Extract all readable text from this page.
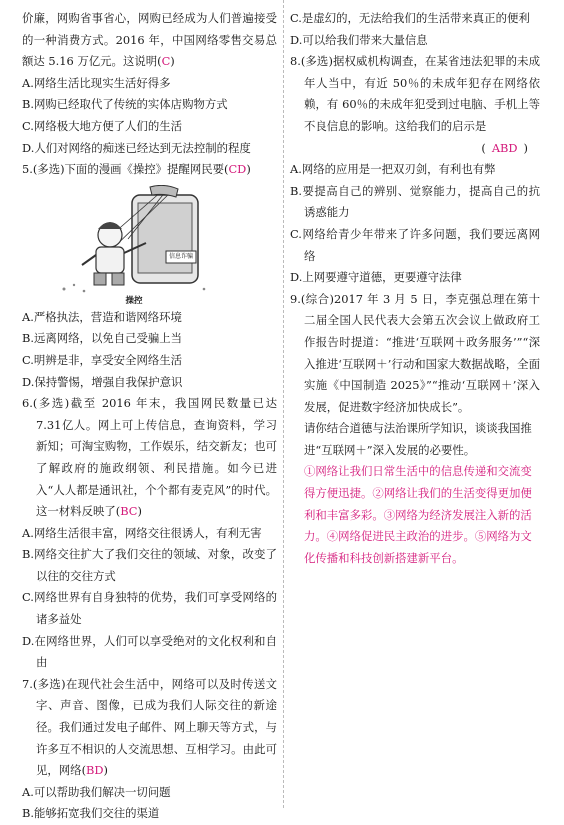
价廉，网购省事省心，网购已经成为人们普遍接受的一种消费方式。2016 年，中国网络零售交易总额达 5.16 万亿元。这说明(C)

A.网络生活比现实生活好得多

B.网购已经取代了传统的实体店购物方式

C.网络极大地方便了人们的生活

D.人们对网络的痴迷已经达到无法控制的程度

5.(多选)下面的漫画《操控》提醒网民要(CD)

信息诈骗
操控

A.严格执法，营造和谐网络环境

B.远离网络，以免自己受骗上当

C.明辨是非，享受安全网络生活

D.保持警惕，增强自我保护意识

6.(多选)截至 2016 年末，我国网民数量已达 7.31亿人。网上可上传信息，查询资料，学习新知；可淘宝购物，工作娱乐，结交新友；也可了解政府的施政纲领、利民措施。如今已进入“人人都是通讯社，个个都有麦克风”的时代。这一材料反映了(BC)

A.网络生活很丰富，网络交往很诱人，有利无害

B.网络交往扩大了我们交往的领域、对象，改变了以往的交往方式

C.网络世界有自身独特的优势，我们可享受网络的诸多益处

D.在网络世界，人们可以享受绝对的文化权利和自由

7.(多选)在现代社会生活中，网络可以及时传送文字、声音、图像，已成为我们人际交往的新途径。我们通过发电子邮件、网上聊天等方式，与许多互不相识的人交流思想、互相学习。由此可见，网络(BD)

A.可以帮助我们解决一切问题

B.能够拓宽我们交往的渠道

C.是虚幻的，无法给我们的生活带来真正的便利

D.可以给我们带来大量信息

8.(多选)据权威机构调查，在某省违法犯罪的未成年人当中，有近 50％的未成年犯存在网络依赖，有 60％的未成年犯受到过电脑、手机上等不良信息的影响。这给我们的启示是

( ABD )

A.网络的应用是一把双刃剑，有利也有弊

B.要提高自己的辨别、觉察能力，提高自己的抗诱惑能力

C.网络给青少年带来了许多问题，我们要远离网络

D.上网要遵守道德，更要遵守法律

9.(综合)2017 年 3 月 5 日，李克强总理在第十二届全国人民代表大会第五次会议上做政府工作报告时提道：“推进‘互联网＋政务服务’”“深入推进‘互联网＋’行动和国家大数据战略，全面实施《中国制造 2025》”“推动‘互联网＋’深入发展，促进数字经济加快成长”。

请你结合道德与法治课所学知识，谈谈我国推进“互联网＋”深入发展的必要性。

①网络让我们日常生活中的信息传递和交流变得方便迅捷。②网络让我们的生活变得更加便利和丰富多彩。③网络为经济发展注入新的活力。④网络促进民主政治的进步。⑤网络为文化传播和科技创新搭建新平台。
